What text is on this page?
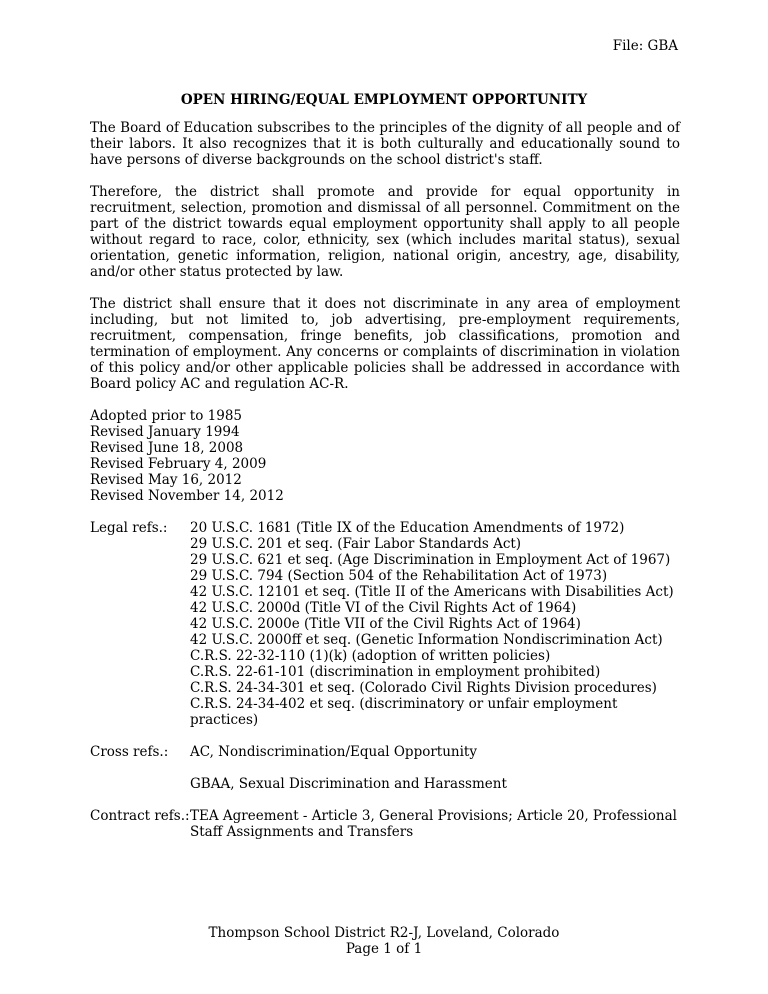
File: GBA
OPEN HIRING/EQUAL EMPLOYMENT OPPORTUNITY

The Board of Education subscribes to the principles of the dignity of all people and of their labors. It also recognizes that it is both culturally and educationally sound to have persons of diverse backgrounds on the school district's staff.

Therefore, the district shall promote and provide for equal opportunity in recruitment, selection, promotion and dismissal of all personnel. Commitment on the part of the district towards equal employment opportunity shall apply to all people without regard to race, color, ethnicity, sex (which includes marital status), sexual orientation, genetic information, religion, national origin, ancestry, age, disability, and/or other status protected by law.

The district shall ensure that it does not discriminate in any area of employment including, but not limited to, job advertising, pre-employment requirements, recruitment, compensation, fringe benefits, job classifications, promotion and termination of employment. Any concerns or complaints of discrimination in violation of this policy and/or other applicable policies shall be addressed in accordance with Board policy AC and regulation AC-R.

Adopted prior to 1985
Revised January 1994
Revised June 18, 2008
Revised February 4, 2009
Revised May 16, 2012
Revised November 14, 2012
Legal refs.:	20 U.S.C. 1681 (Title IX of the Education Amendments of 1972)
29 U.S.C. 201 et seq. (Fair Labor Standards Act)
29 U.S.C. 621 et seq. (Age Discrimination in Employment Act of 1967)
29 U.S.C. 794 (Section 504 of the Rehabilitation Act of 1973)
42 U.S.C. 12101 et seq. (Title II of the Americans with Disabilities Act)
42 U.S.C. 2000d (Title VI of the Civil Rights Act of 1964)
42 U.S.C. 2000e (Title VII of the Civil Rights Act of 1964)
42 U.S.C. 2000ff et seq. (Genetic Information Nondiscrimination Act)
C.R.S. 22-32-110 (1)(k) (adoption of written policies)
C.R.S. 22-61-101 (discrimination in employment prohibited)
C.R.S. 24-34-301 et seq. (Colorado Civil Rights Division procedures)
C.R.S. 24-34-402 et seq. (discriminatory or unfair employment practices)
Cross refs.:	AC, Nondiscrimination/Equal Opportunity
GBAA, Sexual Discrimination and Harassment
Contract refs.: TEA Agreement - Article 3, General Provisions; Article 20, Professional Staff Assignments and Transfers
Thompson School District R2-J, Loveland, Colorado
Page 1 of 1
